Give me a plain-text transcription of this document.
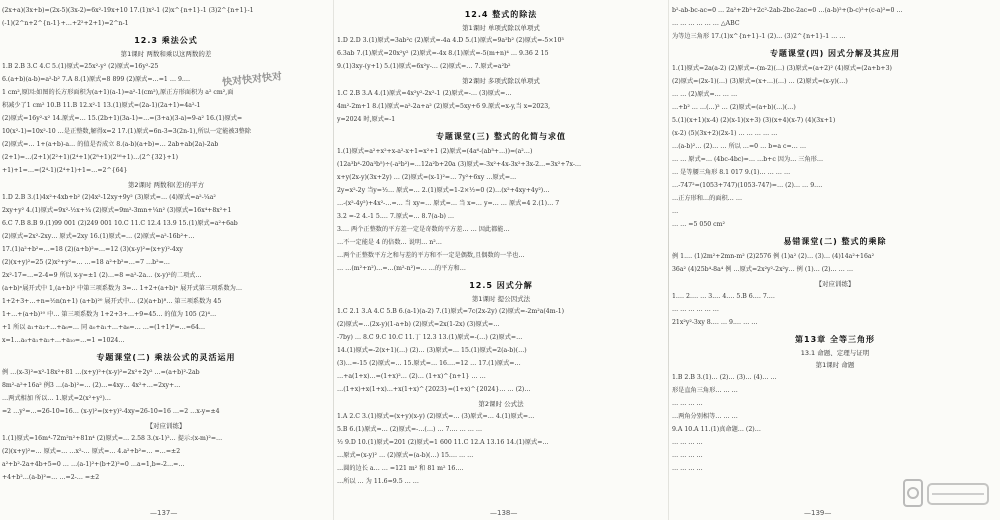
(2x+a)(3x+b)=(2x-5)(3x-2)=6x²-19x+10 17.(1)x²-1 (2)x^{n+1}-1 (3)2^{n+1}-1
(-1)(2^n+2^{n-1}+…+2²+2+1)=2^n-1
12.3 乘法公式
第1课时 两数和乘以这两数的差
1.B 2.B 3.C 4.C 5.(1)原式=25x²-y² (2)原式=16y²-25
6.(a+b)(a-b)=a²-b² 7.A 8.(1)原式=8 899 (2)原式=…=1 … 9.…
1 cm²,原因:如图的长方形面积为(a+1)(a-1)=a²-1(cm²),原正方形面积为 a² cm²,面
积减少了1 cm² 10.B 11.B 12.x²-1 13.(1)原式=(2a-1)(2a+1)=4a²-1
(2)原式=16y²-x² 14.原式=… 15.(2b+1)(3a-1)=…=(3+a)(3-a)=9-a² 16.(1)原式=
10(x²-1)=10x²-10 …是正整数,解得x=2 17.(1)原式=6n-3=3(2n-1),所以一定能被3整除
(2)原式=… 1+(a+b)-a… 的值是否成立 8.(a-b)(a+b)=… 2ab+ab(2a)-2ab
(2+1)=…(2+1)(2²+1)(2⁴+1)(2⁸+1)(2¹⁶+1)…(2^{32}+1)
+1)+1=…=(2⁴-1)(2⁴+1)+1=…=2^{64}
第2课时 两数和(差)的平方
1.D 2.B 3.(1)4x²+4xb+b² (2)4x²-12xy+9y² (3)原式=… (4)原式=a²-¼a²
2xy+y² 4.(1)原式=9x²-½x+¼ (2)原式=9m²-3mn+¼n² (3)原式=16x⁴+8x²+1
6.C 7.B 8.B 9.(1)99 001 (2)249 001 10.C 11.C 12.4 13.9 15.(1)原式=a²+6ab
(2)原式=2x²-2xy… 原式=2xy 16.(1)原式=… (2)原式=a²-16b²+…
17.(1)a²+b²=…=18 (2)(a+b)²=…=12 (3)(x-y)²=(x+y)²-4xy
(2)(x+y)²=25 (2)x²+y²=… …=18 a²+b²=…=7 …b²=…
2x²-17=…=2-4=9 所以 x-y=±1 (2)…=8 =a²-2a… (x-y)²的二项式…
(a+b)ⁿ展开式中 1,(a+b)² 中第三项系数为 3=… 1+2+(a+b)ⁿ 展开式第三项系数为…
1+2+3+…+n=½n(n+1) (a+b)²⁰ 展开式中… (2)(a+b)⁸… 第三项系数为 45
1+…+(a+b)¹⁰ 中… 第三项系数为 1+2+3+…+9=45… 的值为 105 (2)⁴…
+1 所以 a₁+a₂+…+a₆=… 同 a₀+a₁+…+a₆=… …=(1+1)⁶=…=64…
x=1…a₀+a₁+a₂+…+a₁₀=…=1 =1024…
专题课堂(二) 乘法公式的灵活运用
例 …(x-3)²=x²-18x²+81 …(x+y)²+(x-y)²=2x²+2y² …=(a+b)²-2ab
8m²-a²+16a² 例3 …(a-b)²=… (2)…=4xy… 4x²+…=2xy+…
…两式相加 所以… 1.原式=2(x²+y²)…
=2 …y²=…=26-10=16… (x-y)²=(x+y)²-4xy=26-10=16 …=2 …x-y=±4
【对应训练】
1.(1)原式=16m⁴-72m²n²+81n⁴ (2)原式=… 2.58 3.(x-1)²… 提示:(x-m)²=…
(2)(x+y)²=… 原式=… …x²-… 原式=… 4.a²+b²=… =…=±2
a²+b²-2a+4b+5=0 … …(a-1)²+(b+2)²=0 …a=1,b=-2…=…
+4+b²…(a-b)²=… …=2-… =±2
快对快对快对
—137—
12.4 整式的除法
第1课时 单项式除以单项式
1.D 2.D 3.(1)原式=3ab²c (2)原式=-4a 4.D 5.(1)原式=9a²b² (2)原式=-5×10³
6.3ab 7.(1)原式=20x²y² (2)原式=-4x 8.(1)原式=-5(m+n)⁴ … 9.36 2 15
9.(1)3xy-(y+1) 5.(1)原式=6x²y-… (2)原式=… 7.原式=a²b²
第2课时 多项式除以单项式
1.C 2.B 3.A 4.(1)原式=4x²y²-2x²-1 (2)原式=-… (3)原式=…
4m²-2m+1 8.(1)原式=a²-2a+a² (2)原式=5xy+6 9.原式=x-y,当 x=2023,
y=2024 时,原式=-1
专题课堂(三) 整式的化简与求值
1.(1)原式=a²+x²+x-a²-x+1=x²+1 (2)原式=(4a⁶-(ab³+…))=(a²…)
(12a³b⁴-20a³b⁵)÷(-a²b²)=…12a²b+20a (3)原式=-3x²+4x-3x²+3x-2…=3x²+7x-…
x+y(2x-y)(3x+2y) … (2)原式=(x-1)²=… 7y²+6xy …原式=…
2y=x²-2y 当y=½… 原式=… 2.(1)原式=1-2×½=0 (2)…(x²+4xy+4y²)…
…-(x²-4y²)+4x²-…=… 当 xy=… 原式=… 当 x=… y=… … 原式=4 2.(1)… 7
3.2 =-2 4.-1 5.… 7.原式=… 8.7(a-b) …
3.… 两个正整数的平方差一定是奇数的平方差… … 因此都能…
…不一定能是 4 的倍数… 说明… n²…
…两个正整数平方之和与差的平方和不一定是偶数,且偶数的一半也…
… …(m²+n²)…=…(m²-n²)=… …的平方和…
12.5 因式分解
第1课时 提公因式法
1.C 2.1 3.A 4.C 5.B 6.(a-1)(a-2) 7.(1)原式=7c(2x-2y) (2)原式=-2m²a(4m-1)
(2)原式=…(2x-y)(1-a+b) (2)原式=2x(1-2x) (3)原式=…
-7by) … 8.C 9.C 10.C 11.丁 12.3 13.(1)原式=-(…) (2)原式=…
14.(1)原式=-2(x+1)(…) (2)… (3)原式=… 15.(1)原式=2(a-b)(…)
(3)…=-15 (2)原式=… 15.原式=… 16.…=12 … 17.(1)原式=…
…+a(1+x)…=(1+x)²… (2)… (1+x)^{n+1} … …
…(1+x)+x(1+x)…+x(1+x)^{2023}=(1+x)^{2024}… … (2)…
第2课时 公式法
1.A 2.C 3.(1)原式=(x+y)(x-y) (2)原式=… (3)原式=… 4.(1)原式=…
5.B 6.(1)原式=… (2)原式=-…(…) … 7.… … … …
½ 9.D 10.(1)原式=201 (2)原式=1 600 11.C 12.A 13.16 14.(1)原式=…
…原式=(x-y)² … (2)原式=(a-b)(…) 15.… … …
…圆的边长 a… … =121 m² 和 81 m² 16.…
…所以 … 为 11.6=9.5 … …
—138—
b²-ab-bc-ac=0 … 2a²+2b²+2c²-2ab-2bc-2ac=0 …(a-b)²+(b-c)²+(c-a)²=0 …
… … … … … … △ABC
为等边三角形 17.(1)x^{n+1}-1 (2)… (3)2^{n+1}-1 … …
专题课堂(四) 因式分解及其应用
1.(1)原式=2a(a-2) (2)原式=-(m-2)(…) (3)原式=(a+2)² (4)原式=(2a+b+3)
(2)原式=(2x-1)(…) (3)原式=(x+…)(…) … (2)原式=(x-y)(…)
… … (2)原式=… … …
…+b² … …(…)² … (2)原式=(a+b)(…)(…)
5.(1)(x+1)(x-4) (2)(x-1)(x+3) (3)(x+4)(x-7) (4)(3x+1)
(x-2) (5)(3x+2)(2x-1) … … … … …
…(a-b)²… (2)… … 所以 …=0 … b=a c=… …
… … 原式=… (4bc-4bc)=… …b+c 因为… 三角形…
… 是等腰三角形 8.1 017 9.(1)… … … …
…-747²=(1053+747)(1053-747)=… (2)… … 9.…
…正方形和…的面积… …
…
… … =5 050 cm²
易错课堂(二) 整式的乘除
例 1.… (1)2m²+2mn-m² (2)2576 例 (1)a² (2)… (3)… (4)14a²+16a²
36a² (4)25b⁴-8a⁴ 例 …原式=2x²y²-2x²y… 例 (1)… (2)… … …
【对应训练】
1.… 2.… … 3.… 4.… 5.B 6.… 7.…
… … … … … …
21x²y²-3xy 8.… … 9.… … …
第13章 全等三角形
13.1 命题、定理与证明
第1课时 命题
1.B 2.B 3.(1)… (2)… (3)… (4)… …
形是直角三角形… … …
… … … …
…两角分别相等… … …
9.A 10.A 11.(1)真命题… (2)…
… … … …
… … … …
… … … …
—139—
